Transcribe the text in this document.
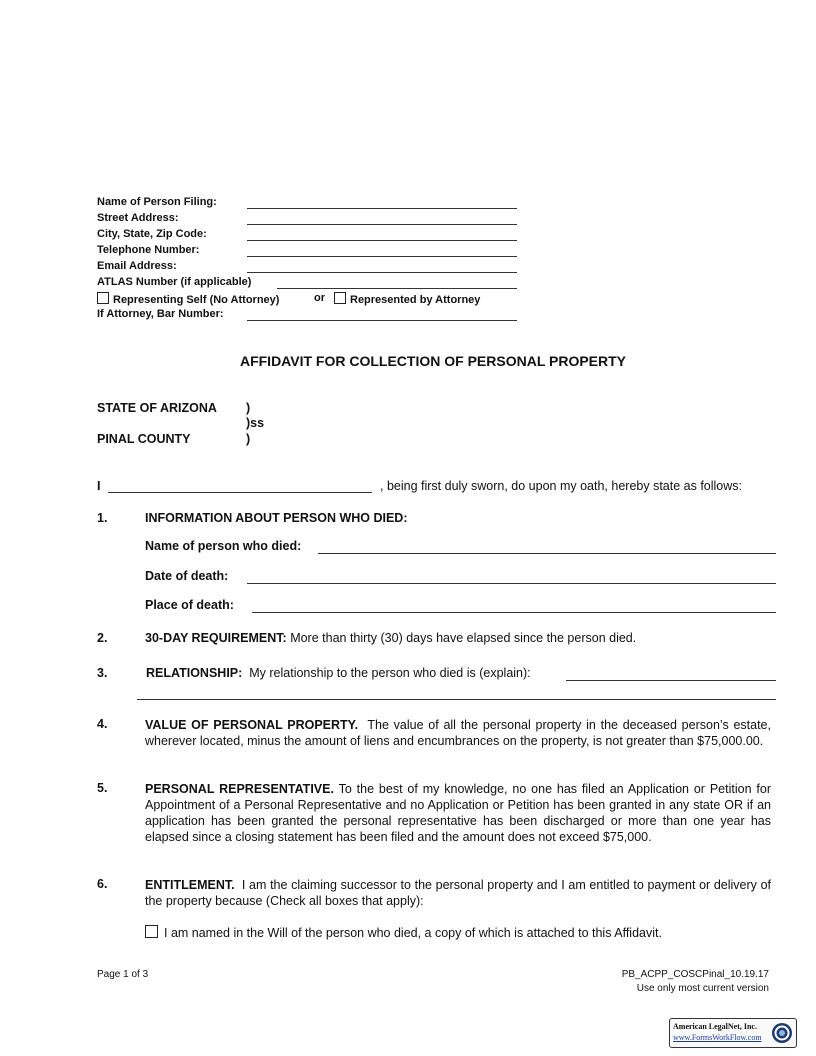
Name of Person Filing:
Street Address:
City, State, Zip Code:
Telephone Number:
Email Address:
ATLAS Number (if applicable)
Representing Self (No Attorney)	or	Represented by Attorney
If Attorney, Bar Number:
AFFIDAVIT FOR COLLECTION OF PERSONAL PROPERTY
STATE OF ARIZONA )
)ss
PINAL COUNTY	)
I	, being first duly sworn, do upon my oath, hereby state as follows:
1.	INFORMATION ABOUT PERSON WHO DIED:
Name of person who died:
Date of death:
Place of death:
2.	30-DAY REQUIREMENT: More than thirty (30) days have elapsed since the person died.
3.	RELATIONSHIP: My relationship to the person who died is (explain):
4.	VALUE OF PERSONAL PROPERTY. The value of all the personal property in the deceased person’s estate, wherever located, minus the amount of liens and encumbrances on the property, is not greater than $75,000.00.
5.	PERSONAL REPRESENTATIVE. To the best of my knowledge, no one has filed an Application or Petition for Appointment of a Personal Representative and no Application or Petition has been granted in any state OR if an application has been granted the personal representative has been discharged or more than one year has elapsed since a closing statement has been filed and the amount does not exceed $75,000.
6.	ENTITLEMENT. I am the claiming successor to the personal property and I am entitled to payment or delivery of the property because (Check all boxes that apply):
I am named in the Will of the person who died, a copy of which is attached to this Affidavit.
Page 1 of 3	PB_ACPP_COSCPinal_10.19.17
Use only most current version
American LegalNet, Inc.
www.FormsWorkFlow.com
